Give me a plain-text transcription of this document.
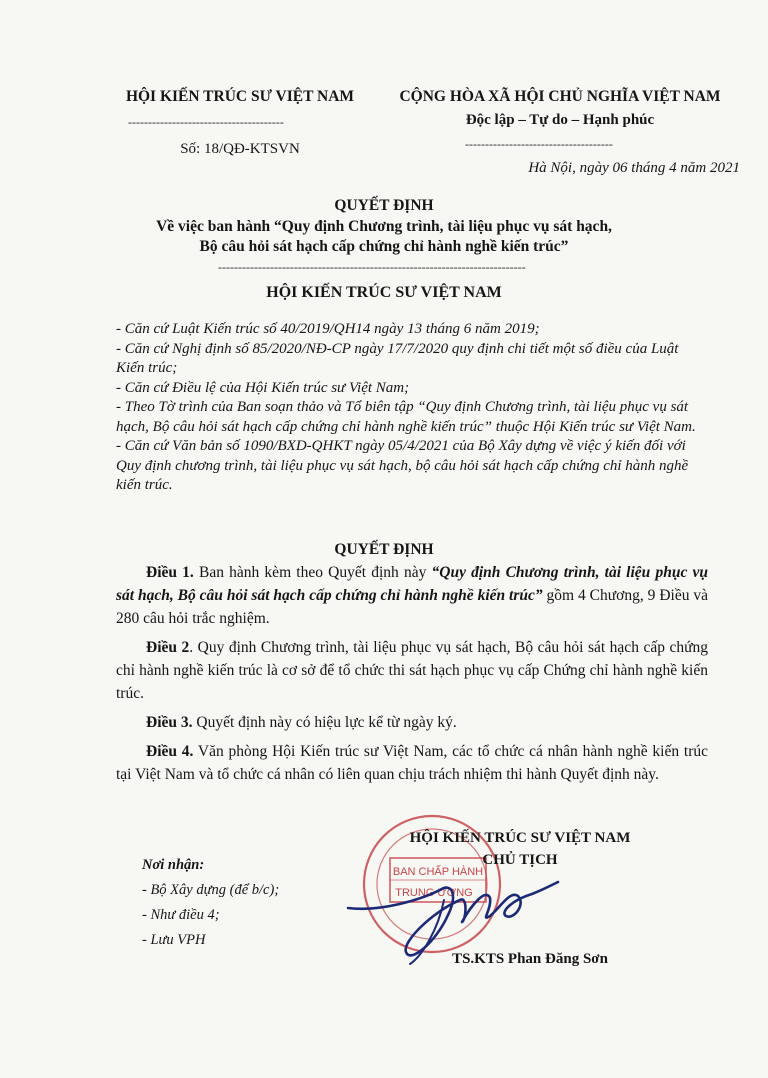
HỘI KIẾN TRÚC SƯ VIỆT NAM
---------------------------------------
Số: 18/QĐ-KTSVN
CỘNG HÒA XÃ HỘI CHỦ NGHĨA VIỆT NAM
Độc lập – Tự do – Hạnh phúc
-------------------------------------
Hà Nội, ngày 06 tháng 4 năm 2021
QUYẾT ĐỊNH
Về việc ban hành “Quy định Chương trình, tài liệu phục vụ sát hạch,
Bộ câu hỏi sát hạch cấp chứng chỉ hành nghề kiến trúc”
-----------------------------------------------------------------------------
HỘI KIẾN TRÚC SƯ VIỆT NAM

- Căn cứ Luật Kiến trúc số 40/2019/QH14 ngày 13 tháng 6 năm 2019;

- Căn cứ Nghị định số 85/2020/NĐ-CP ngày 17/7/2020 quy định chi tiết một số điều của Luật Kiến trúc;

- Căn cứ Điều lệ của Hội Kiến trúc sư Việt Nam;

- Theo Tờ trình của Ban soạn thảo và Tổ biên tập “Quy định Chương trình, tài liệu phục vụ sát hạch, Bộ câu hỏi sát hạch cấp chứng chỉ hành nghề kiến trúc” thuộc Hội Kiến trúc sư Việt Nam.

- Căn cứ Văn bản số 1090/BXD-QHKT ngày 05/4/2021 của Bộ Xây dựng về việc ý kiến đối với Quy định chương trình, tài liệu phục vụ sát hạch, bộ câu hỏi sát hạch cấp chứng chỉ hành nghề kiến trúc.

QUYẾT ĐỊNH

Điều 1. Ban hành kèm theo Quyết định này “Quy định Chương trình, tài liệu phục vụ sát hạch, Bộ câu hỏi sát hạch cấp chứng chỉ hành nghề kiến trúc” gồm 4 Chương, 9 Điều và 280 câu hỏi trắc nghiệm.

Điều 2. Quy định Chương trình, tài liệu phục vụ sát hạch, Bộ câu hỏi sát hạch cấp chứng chỉ hành nghề kiến trúc là cơ sở để tổ chức thi sát hạch phục vụ cấp Chứng chỉ hành nghề kiến trúc.

Điều 3. Quyết định này có hiệu lực kể từ ngày ký.

Điều 4. Văn phòng Hội Kiến trúc sư Việt Nam, các tổ chức cá nhân hành nghề kiến trúc tại Việt Nam và tổ chức cá nhân có liên quan chịu trách nhiệm thi hành Quyết định này.

Nơi nhận:
- Bộ Xây dựng (để b/c);
- Như điều 4;
- Lưu VPH
BAN CHẤP HÀNH
TRUNG ƯƠNG
HỘI KIẾN TRÚC SƯ VIỆT NAM
CHỦ TỊCH
TS.KTS Phan Đăng Sơn
